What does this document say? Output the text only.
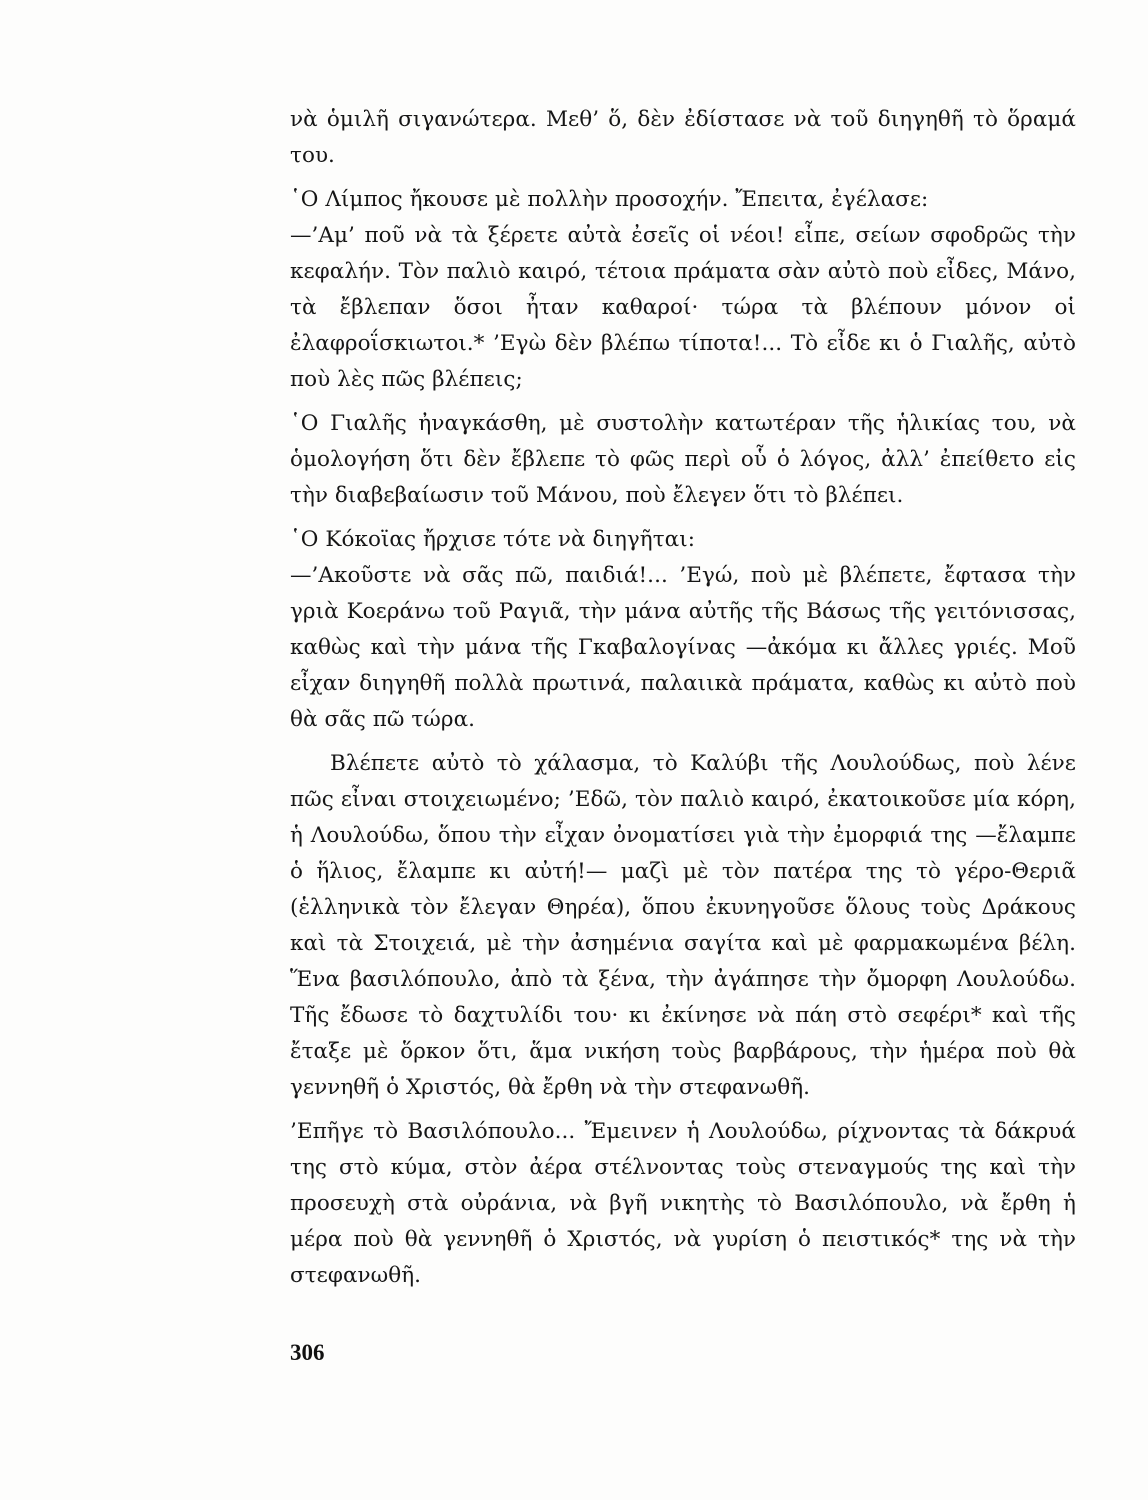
νὰ ὁμιλῆ σιγανώτερα. Μεθ’ ὅ, δὲν ἐδίστασε νὰ τοῦ διηγηθῆ τὸ ὅραμά του.

῾Ο Λίμπος ἤκουσε μὲ πολλὴν προσοχήν. Ἔπειτα, ἐγέλασε:

—’Αμ’ ποῦ νὰ τὰ ξέρετε αὐτὰ ἐσεῖς οἱ νέοι! εἶπε, σείων σφοδρῶς τὴν κεφαλήν. Τὸν παλιὸ καιρό, τέτοια πράματα σὰν αὐτὸ ποὺ εἶδες, Μάνο, τὰ ἔβλεπαν ὅσοι ἦταν καθαροί· τώρα τὰ βλέπουν μόνον οἱ ἐλαφροΐσκιωτοι.* ’Εγὼ δὲν βλέπω τίποτα!... Τὸ εἶδε κι ὁ Γιαλῆς, αὐτὸ ποὺ λὲς πῶς βλέπεις;

῾Ο Γιαλῆς ἠναγκάσθη, μὲ συστολὴν κατωτέραν τῆς ἡλικίας του, νὰ ὁμολογήση ὅτι δὲν ἔβλεπε τὸ φῶς περὶ οὗ ὁ λόγος, ἀλλ’ ἐπείθετο εἰς τὴν διαβεβαίωσιν τοῦ Μάνου, ποὺ ἔλεγεν ὅτι τὸ βλέπει.

῾Ο Κόκοϊας ἤρχισε τότε νὰ διηγῆται:

—’Ακοῦστε νὰ σᾶς πῶ, παιδιά!... ’Εγώ, ποὺ μὲ βλέπετε, ἔφτασα τὴν γριὰ Κοεράνω τοῦ Ραγιᾶ, τὴν μάνα αὐτῆς τῆς Βάσως τῆς γειτόνισσας, καθὼς καὶ τὴν μάνα τῆς Γκαβαλογίνας —ἀκόμα κι ἄλλες γριές. Μοῦ εἶχαν διηγηθῆ πολλὰ πρωτινά, παλαιικὰ πράματα, καθὼς κι αὐτὸ ποὺ θὰ σᾶς πῶ τώρα.

Βλέπετε αὐτὸ τὸ χάλασμα, τὸ Καλύβι τῆς Λουλούδως, ποὺ λένε πῶς εἶναι στοιχειωμένο; ’Εδῶ, τὸν παλιὸ καιρό, ἐκατοικοῦσε μία κόρη, ἡ Λουλούδω, ὅπου τὴν εἶχαν ὀνοματίσει γιὰ τὴν ἐμορφιά της —ἔλαμπε ὁ ἥλιος, ἔλαμπε κι αὐτή!— μαζὶ μὲ τὸν πατέρα της τὸ γέρο-Θεριᾶ (ἑλληνικὰ τὸν ἔλεγαν Θηρέα), ὅπου ἐκυνηγοῦσε ὅλους τοὺς Δράκους καὶ τὰ Στοιχειά, μὲ τὴν ἀσημένια σαγίτα καὶ μὲ φαρμακωμένα βέλη. Ἕνα βασιλόπουλο, ἀπὸ τὰ ξένα, τὴν ἀγάπησε τὴν ὄμορφη Λουλούδω. Τῆς ἔδωσε τὸ δαχτυλίδι του· κι ἐκίνησε νὰ πάη στὸ σεφέρι* καὶ τῆς ἔταξε μὲ ὅρκον ὅτι, ἅμα νικήση τοὺς βαρβάρους, τὴν ἡμέρα ποὺ θὰ γεννηθῆ ὁ Χριστός, θὰ ἔρθη νὰ τὴν στεφανωθῆ.

’Επῆγε τὸ Βασιλόπουλο... Ἔμεινεν ἡ Λουλούδω, ρίχνοντας τὰ δάκρυά της στὸ κύμα, στὸν ἀέρα στέλνοντας τοὺς στεναγμούς της καὶ τὴν προσευχὴ στὰ οὐράνια, νὰ βγῆ νικητὴς τὸ Βασιλόπουλο, νὰ ἔρθη ἡ μέρα ποὺ θὰ γεννηθῆ ὁ Χριστός, νὰ γυρίση ὁ πειστικός* της νὰ τὴν στεφανωθῆ.

306
